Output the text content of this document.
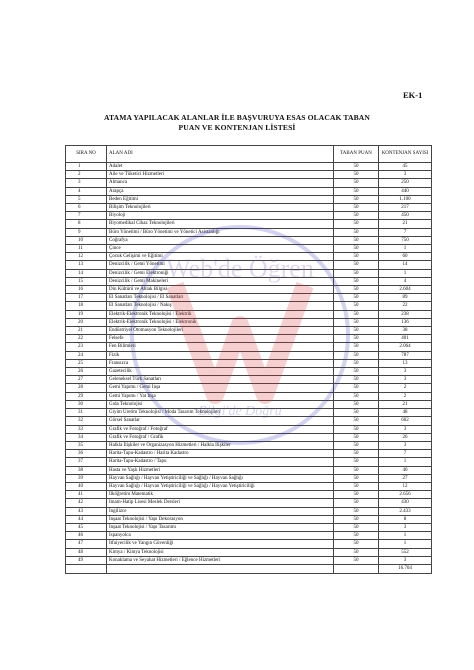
EK-1
ATAMA YAPILACAK ALANLAR İLE BAŞVURUYA ESAS OLACAK TABAN
PUAN VE KONTENJAN LİSTESİ
SIRA NO	ALAN ADI	TABAN PUAN	KONTENJAN SAYISI
1	Adalet	50	45
2	Aile ve Tüketici Hizmetleri	50	3
3	Almanca	50	250
4	Arapça	50	440
5	Beden Eğitimi	50	1.100
6	Bilişim Teknolojileri	50	217
7	Biyoloji	50	450
8	Biyomedikal Cihaz Teknolojileri	50	21
9	Büro Yönetimi / Büro Yönetimi ve Yönetici Asistanlığı	50	7
10	Coğrafya	50	750
11	Çince	50	1
12	Çocuk Gelişimi ve Eğitimi	50	60
13	Denizcilik / Gemi Yönetimi	50	14
14	Denizcilik / Gemi Elektroniği	50	1
15	Denizcilik / Gemi Makineleri	50	4
16	Din Kültürü ve Ahlak Bilgisi	50	2.604
17	El Sanatları Teknolojisi / El Sanatları	50	89
18	El Sanatları Teknolojisi / Nakış	50	22
19	Elektrik-Elektronik Teknolojisi / Elektrik	50	238
20	Elektrik-Elektronik Teknolojisi / Elektronik	50	136
21	Endüstriyel Otomasyon Teknolojileri	50	38
22	Felsefe	50	401
23	Fen Bilimleri	50	2.064
24	Fizik	50	787
25	Fransızca	50	13
26	Gazetecilik	50	3
27	Geleneksel Türk Sanatları	50	3
28	Gemi Yapımı / Gemi İnşa	50	2
29	Gemi Yapımı / Yat İnşa	50	2
30	Gıda Teknolojisi	50	21
31	Giyim Üretim Teknolojisi / Moda Tasarım Teknolojileri	50	48
32	Görsel Sanatlar	50	602
33	Grafik ve Fotoğraf / Fotoğraf	50	3
34	Grafik ve Fotoğraf / Grafik	50	26
35	Halkla İlişkiler ve Organizasyon Hizmetleri / Halkla İlişkiler	50	3
36	Harita-Tapu-Kadastro / Harita Kadastro	50	7
37	Harita-Tapu-Kadastro / Tapu	50	1
38	Hasta ve Yaşlı Hizmetleri	50	40
39	Hayvan Sağlığı / Hayvan Yetiştiriciliği ve Sağlığı / Hayvan Sağlığı	50	27
40	Hayvan Sağlığı / Hayvan Yetiştiriciliği ve Sağlığı / Hayvan Yetiştiriciliği	50	12
41	İlköğretim Matematik	50	2.656
42	İmam-Hatip Lisesi Meslek Dersleri	50	430
43	İngilizce	50	2.433
44	İnşaat Teknolojisi / Yapı Dekorasyon	50	8
45	İnşaat Teknolojisi / Yapı Tasarımı	50	3
46	İspanyolca	50	1
47	İtfaiyecilik ve Yangın Güvenliği	50	1
48	Kimya / Kimya Teknolojisi	50	552
49	Konaklama ve Seyahat Hizmetleri / Eğlence Hizmetleri	50	3
			16.704
Web'de Öğren
Bilgi'de Doğru
